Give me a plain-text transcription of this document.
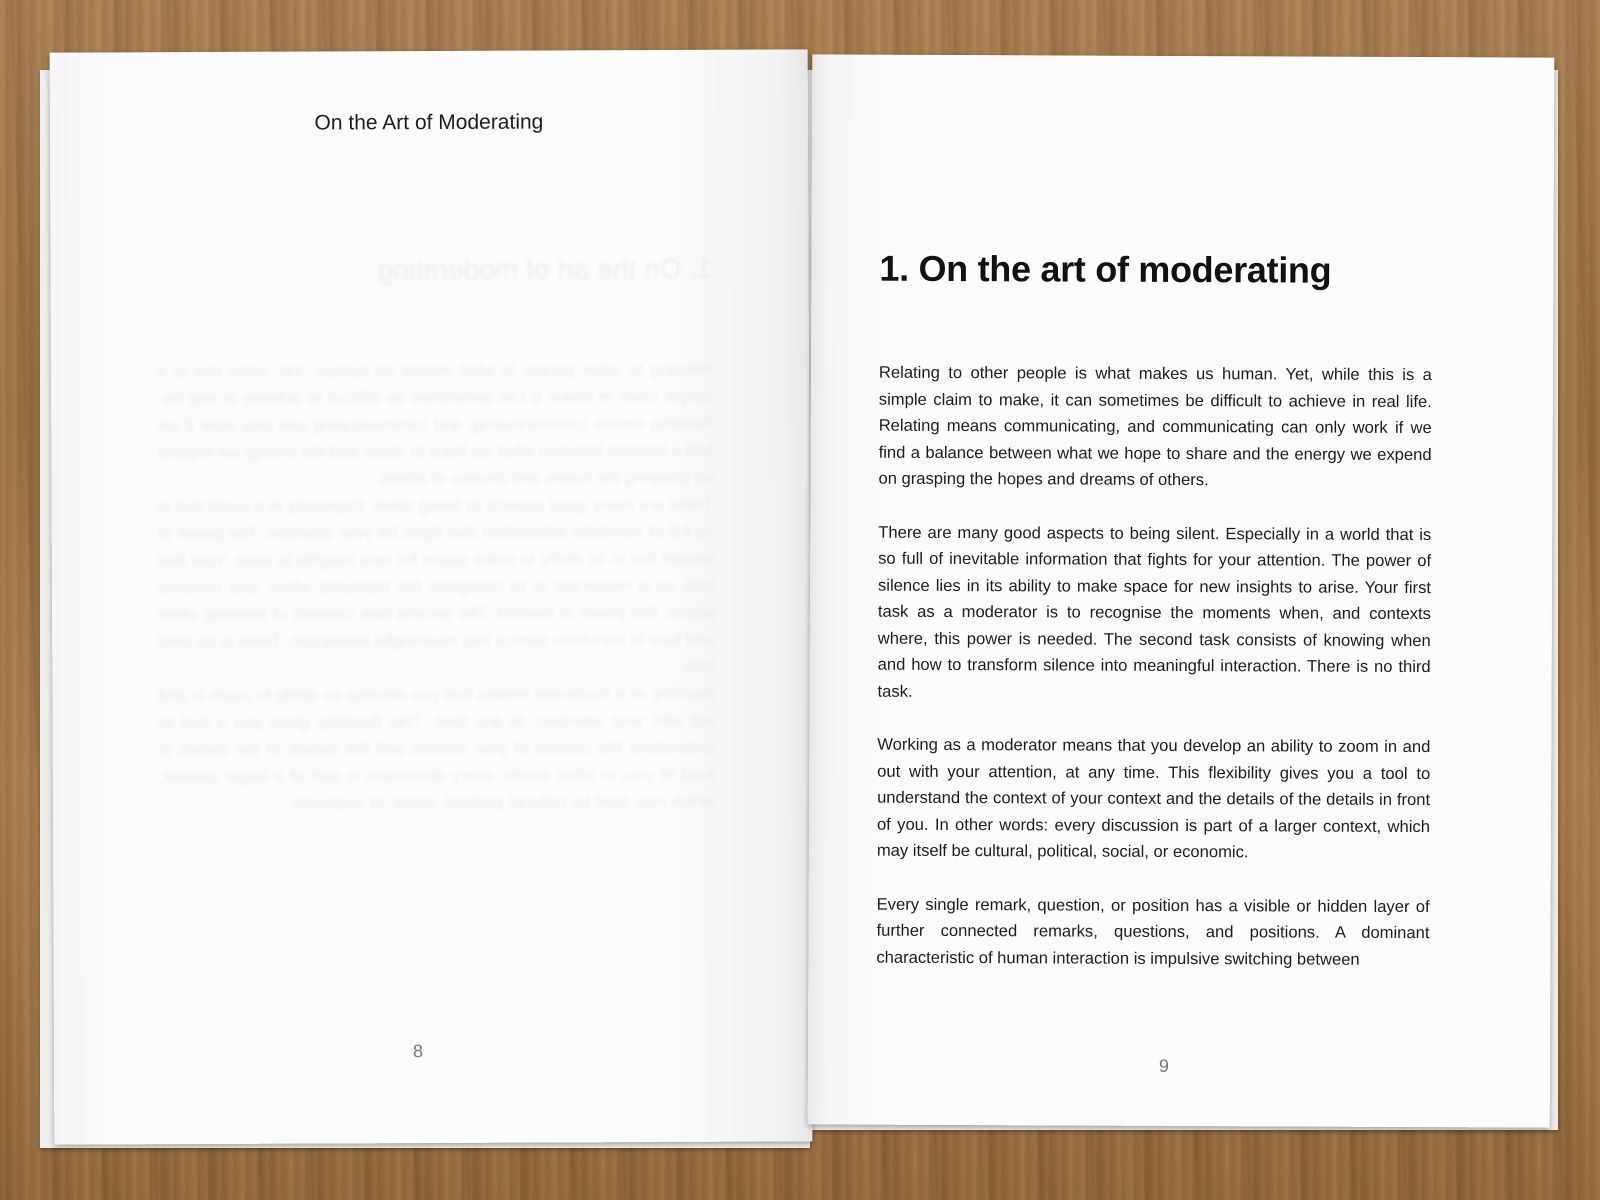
On the Art of Moderating
1. On the art of moderating
Relating to other people is what makes us human. Yet, while this is a simple claim to make, it can sometimes be difficult to achieve in real life. Relating means communicating, and communicating can only work if we find a balance between what we hope to share and the energy we expend on grasping the hopes and dreams of others.
There are many good aspects to being silent. Especially in a world that is so full of inevitable information that fights for your attention. The power of silence lies in its ability to make space for new insights to arise. Your first task as a moderator is to recognise the moments when, and contexts where, this power is needed. The second task consists of knowing when and how to transform silence into meaningful interaction. There is no third task.
Working as a moderator means that you develop an ability to zoom in and out with your attention, at any time. This flexibility gives you a tool to understand the context of your context and the details of the details in front of you. In other words: every discussion is part of a larger context, which may itself be cultural, political, social, or economic.
8
1. On the art of moderating

Relating to other people is what makes us human. Yet, while this is a simple claim to make, it can sometimes be difficult to achieve in real life. Relating means communicating, and communicating can only work if we find a balance between what we hope to share and the energy we expend on grasping the hopes and dreams of others.

There are many good aspects to being silent. Especially in a world that is so full of inevitable information that fights for your attention. The power of silence lies in its ability to make space for new insights to arise. Your first task as a moderator is to recognise the moments when, and contexts where, this power is needed. The second task consists of knowing when and how to transform silence into meaningful interaction. There is no third task.

Working as a moderator means that you develop an ability to zoom in and out with your attention, at any time. This flexibility gives you a tool to understand the context of your context and the details of the details in front of you. In other words: every discussion is part of a larger context, which may itself be cultural, political, social, or economic.

Every single remark, question, or position has a visible or hidden layer of further connected remarks, questions, and positions. A dominant characteristic of human interaction is impulsive switching between

9
